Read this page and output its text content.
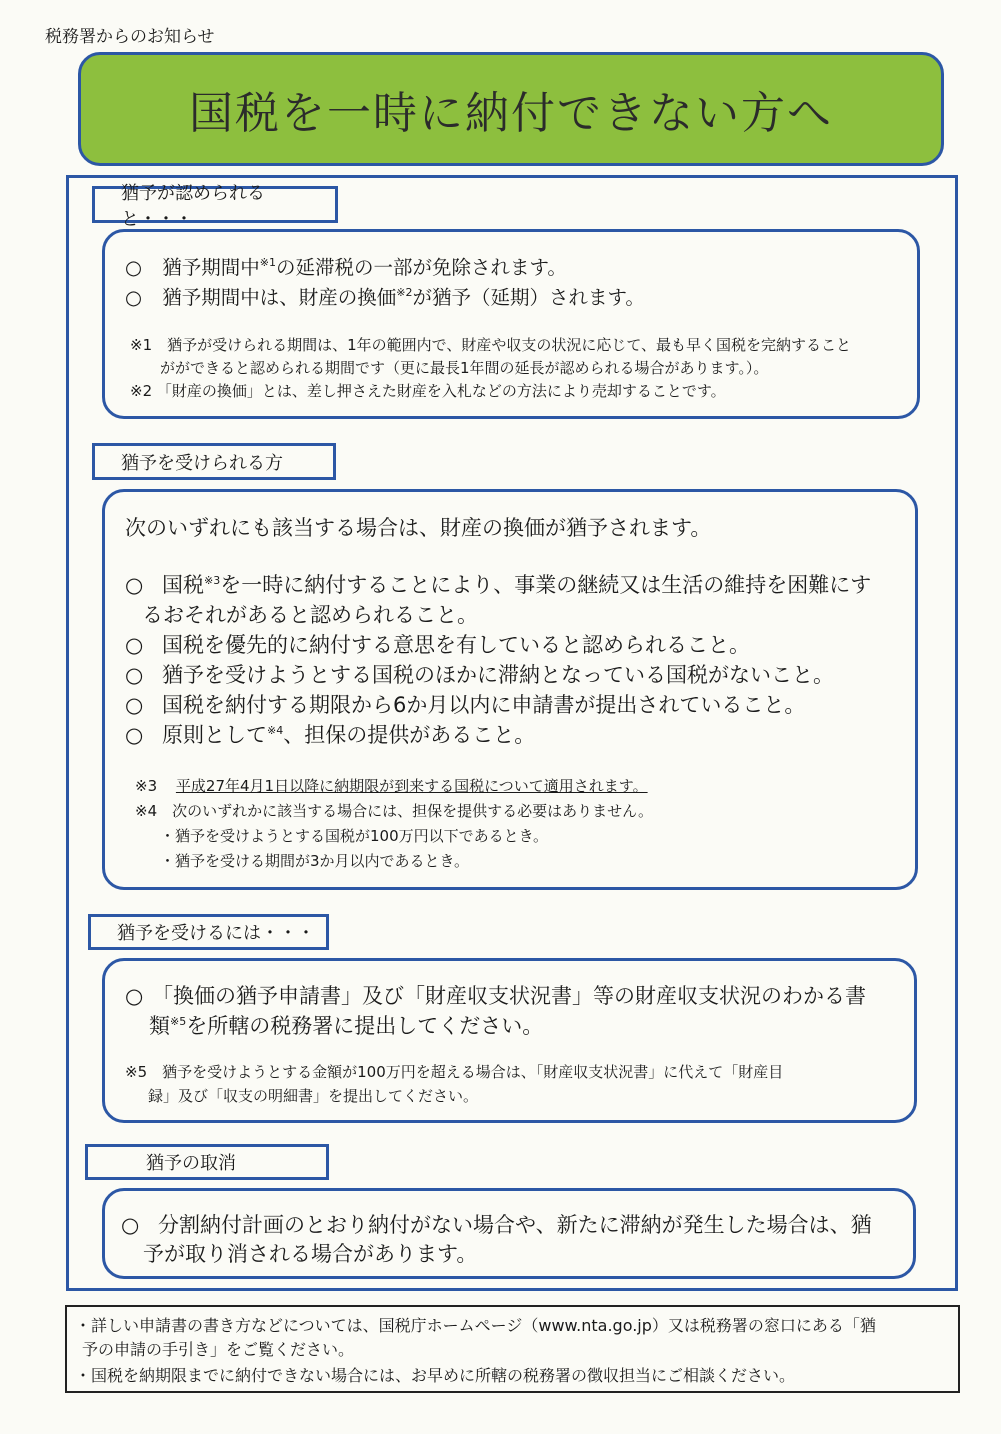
税務署からのお知らせ
国税を一時に納付できない方へ
猶予が認められると・・・
○ 猶予期間中$^{※1}$の延滞税の一部が免除されます。
○ 猶予期間中は、財産の換価$^{※2}$が猶予（延期）されます。
※1　猶予が受けられる期間は、1年の範囲内で、財産や収支の状況に応じて、最も早く国税を完納すること
がができると認められる期間です（更に最長1年間の延長が認められる場合があります。）。
※2 「財産の換価」とは、差し押さえた財産を入札などの方法により売却することです。
猶予を受けられる方
次のいずれにも該当する場合は、財産の換価が猶予されます。
○ 国税$^{※3}$を一時に納付することにより、事業の継続又は生活の維持を困難にす
るおそれがあると認められること。
○ 国税を優先的に納付する意思を有していると認められること。
○ 猶予を受けようとする国税のほかに滞納となっている国税がないこと。
○ 国税を納付する期限から6か月以内に申請書が提出されていること。
○ 原則として$^{※4}$、担保の提供があること。
※3 平成27年4月1日以降に納期限が到来する国税について適用されます。
※4　次のいずれかに該当する場合には、担保を提供する必要はありません。
・猶予を受けようとする国税が100万円以下であるとき。
・猶予を受ける期間が3か月以内であるとき。
猶予を受けるには・・・
○ 「換価の猶予申請書」及び「財産収支状況書」等の財産収支状況のわかる書
類$^{※5}$を所轄の税務署に提出してください。
※5　猶予を受けようとする金額が100万円を超える場合は、「財産収支状況書」に代えて「財産目
録」及び「収支の明細書」を提出してください。
猶予の取消
○ 分割納付計画のとおり納付がない場合や、新たに滞納が発生した場合は、猶
予が取り消される場合があります。
・詳しい申請書の書き方などについては、国税庁ホームページ（www.nta.go.jp）又は税務署の窓口にある「猶
予の申請の手引き」をご覧ください。
・国税を納期限までに納付できない場合には、お早めに所轄の税務署の徴収担当にご相談ください。
